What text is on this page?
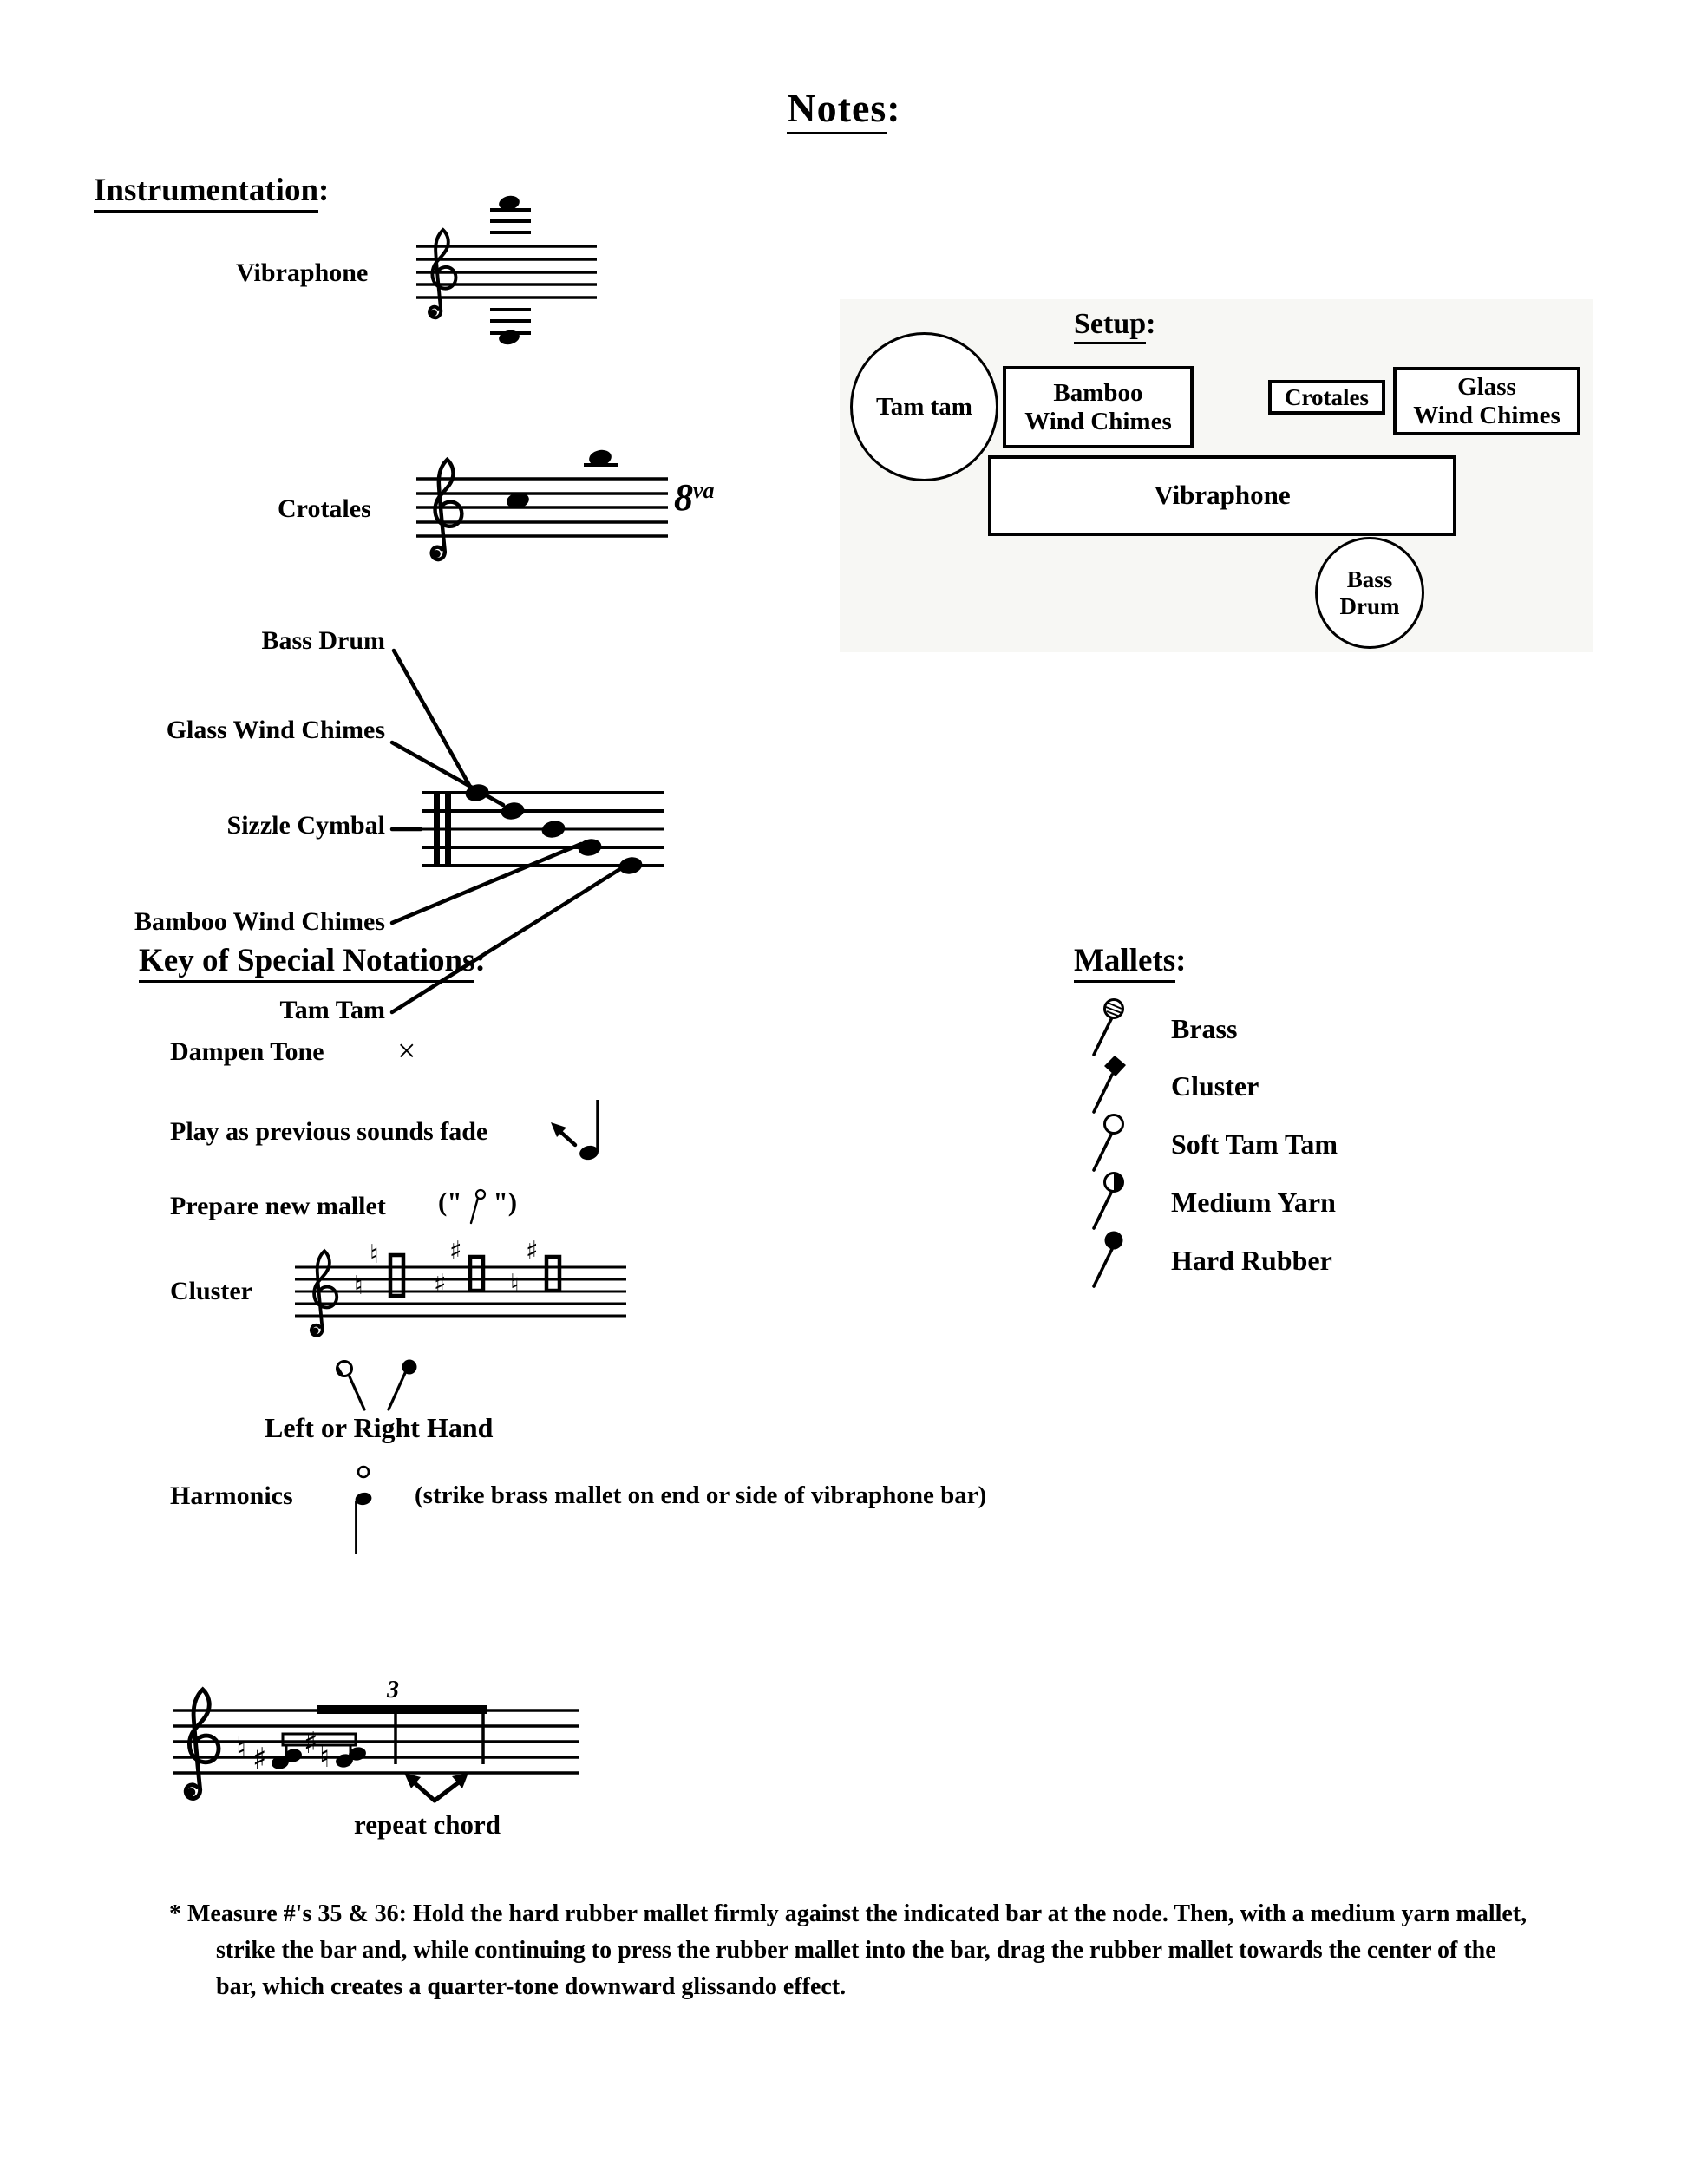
Notes:
Instrumentation:
Vibraphone
Crotales	$8^{va}$
Setup:
Tam tam	Bamboo
Wind Chimes
Crotales	Glass
Wind Chimes
Vibraphone
Bass
Drum
Bass Drum
Glass Wind Chimes
Sizzle Cymbal
Bamboo Wind Chimes
Tam Tam
Key of Special Notations:
Dampen Tone ×
Play as previous sounds fade
Prepare new mallet (" ")
Cluster
♮
♮
♯
♯
♯
♮
Left or Right Hand
Harmonics	(strike brass mallet on end or side of vibraphone bar)
♮ ♯ ♯ ♮
3
repeat chord
Mallets:
Brass
Cluster
Soft Tam Tam
Medium Yarn
Hard Rubber
* Measure #'s 35 & 36: Hold the hard rubber mallet firmly against the indicated bar at the node. Then, with a medium yarn mallet, strike the bar and, while continuing to press the rubber mallet into the bar, drag the rubber mallet towards the center of the bar, which creates a quarter-tone downward glissando effect.
